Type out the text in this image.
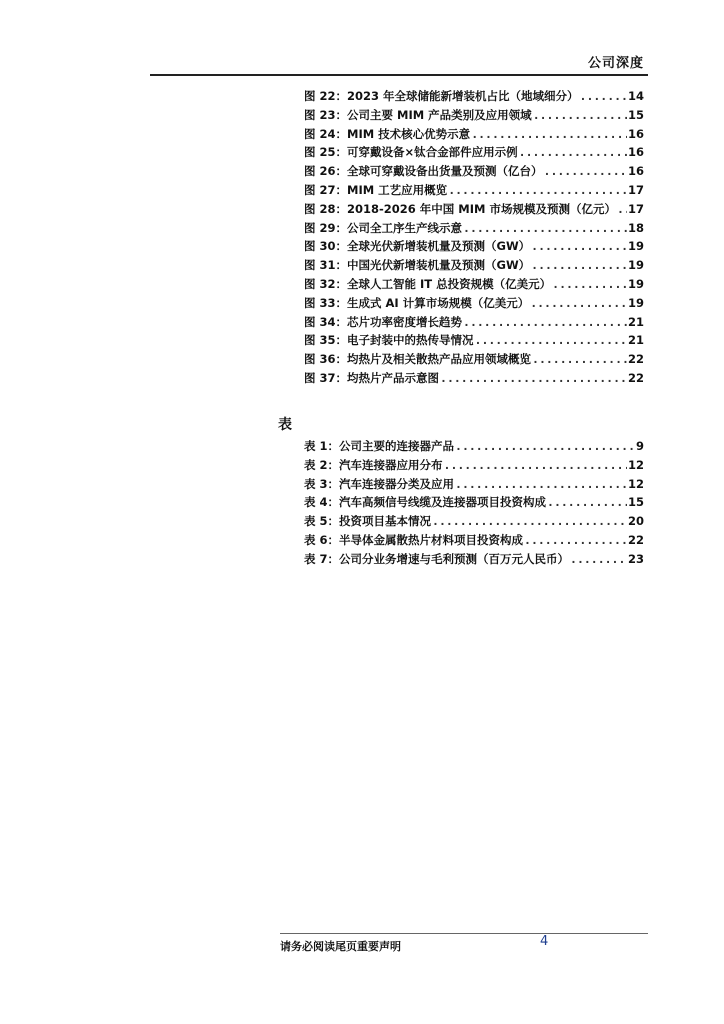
公司深度
图 22：2023 年全球储能新增装机占比（地域细分） .....	14
图 23：公司主要 MIM 产品类别及应用领域 .....	15
图 24：MIM 技术核心优势示意 .....	16
图 25：可穿戴设备×钛合金部件应用示例 .....	16
图 26：全球可穿戴设备出货量及预测（亿台） .....	16
图 27：MIM 工艺应用概览 .....	17
图 28：2018-2026 年中国 MIM 市场规模及预测（亿元） ..... 17
图 29：公司全工序生产线示意 .....	18
图 30：全球光伏新增装机量及预测（GW） .....	19
图 31：中国光伏新增装机量及预测（GW） .....	19
图 32：全球人工智能 IT 总投资规模（亿美元） .....	19
图 33：生成式 AI 计算市场规模（亿美元） .....	19
图 34：芯片功率密度增长趋势 .....	21
图 35：电子封装中的热传导情况 .....	21
图 36：均热片及相关散热产品应用领域概览 .....	22
图 37：均热片产品示意图 .....	22
表
表 1：公司主要的连接器产品 .....	9
表 2：汽车连接器应用分布 .....	12
表 3：汽车连接器分类及应用 .....	12
表 4：汽车高频信号线缆及连接器项目投资构成 .....	15
表 5：投资项目基本情况 .....	20
表 6：半导体金属散热片材料项目投资构成 .....	22
表 7：公司分业务增速与毛利预测（百万元人民币） .....	23
请务必阅读尾页重要声明	4
